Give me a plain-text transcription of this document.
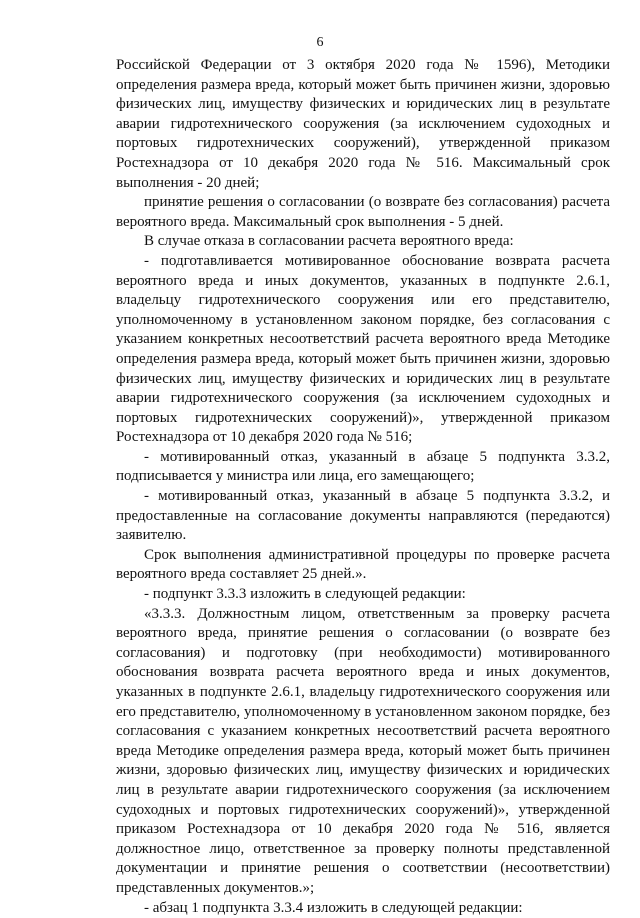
6
Российской Федерации от 3 октября 2020 года № 1596), Методики
определения размера вреда, который может быть причинен жизни, здоровью
физических лиц, имуществу физических и юридических лиц в результате
аварии гидротехнического сооружения (за исключением судоходных и
портовых гидротехнических сооружений), утвержденной приказом
Ростехнадзора от 10 декабря 2020 года № 516. Максимальный срок
выполнения - 20 дней;
принятие решения о согласовании (о возврате без согласования) расчета
вероятного вреда. Максимальный срок выполнения - 5 дней.
В случае отказа в согласовании расчета вероятного вреда:
- подготавливается мотивированное обоснование возврата расчета
вероятного вреда и иных документов, указанных в подпункте 2.6.1,
владельцу гидротехнического сооружения или его представителю,
уполномоченному в установленном законом порядке, без согласования с
указанием конкретных несоответствий расчета вероятного вреда Методике
определения размера вреда, который может быть причинен жизни, здоровью
физических лиц, имуществу физических и юридических лиц в результате
аварии гидротехнического сооружения (за исключением судоходных и
портовых гидротехнических сооружений)», утвержденной приказом
Ростехнадзора от 10 декабря 2020 года № 516;
- мотивированный отказ, указанный в абзаце 5 подпункта 3.3.2,
подписывается у министра или лица, его замещающего;
- мотивированный отказ, указанный в абзаце 5 подпункта 3.3.2, и
предоставленные на согласование документы направляются (передаются)
заявителю.
Срок выполнения административной процедуры по проверке расчета
вероятного вреда составляет 25 дней.».
- подпункт 3.3.3 изложить в следующей редакции:
«3.3.3. Должностным лицом, ответственным за проверку расчета
вероятного вреда, принятие решения о согласовании (о возврате без
согласования) и подготовку (при необходимости) мотивированного
обоснования возврата расчета вероятного вреда и иных документов,
указанных в подпункте 2.6.1, владельцу гидротехнического сооружения или
его представителю, уполномоченному в установленном законом порядке, без
согласования с указанием конкретных несоответствий расчета вероятного
вреда Методике определения размера вреда, который может быть причинен
жизни, здоровью физических лиц, имуществу физических и юридических
лиц в результате аварии гидротехнического сооружения (за исключением
судоходных и портовых гидротехнических сооружений)», утвержденной
приказом Ростехнадзора от 10 декабря 2020 года № 516, является
должностное лицо, ответственное за проверку полноты представленной
документации и принятие решения о соответствии (несоответствии)
представленных документов.»;
- абзац 1 подпункта 3.3.4 изложить в следующей редакции:
